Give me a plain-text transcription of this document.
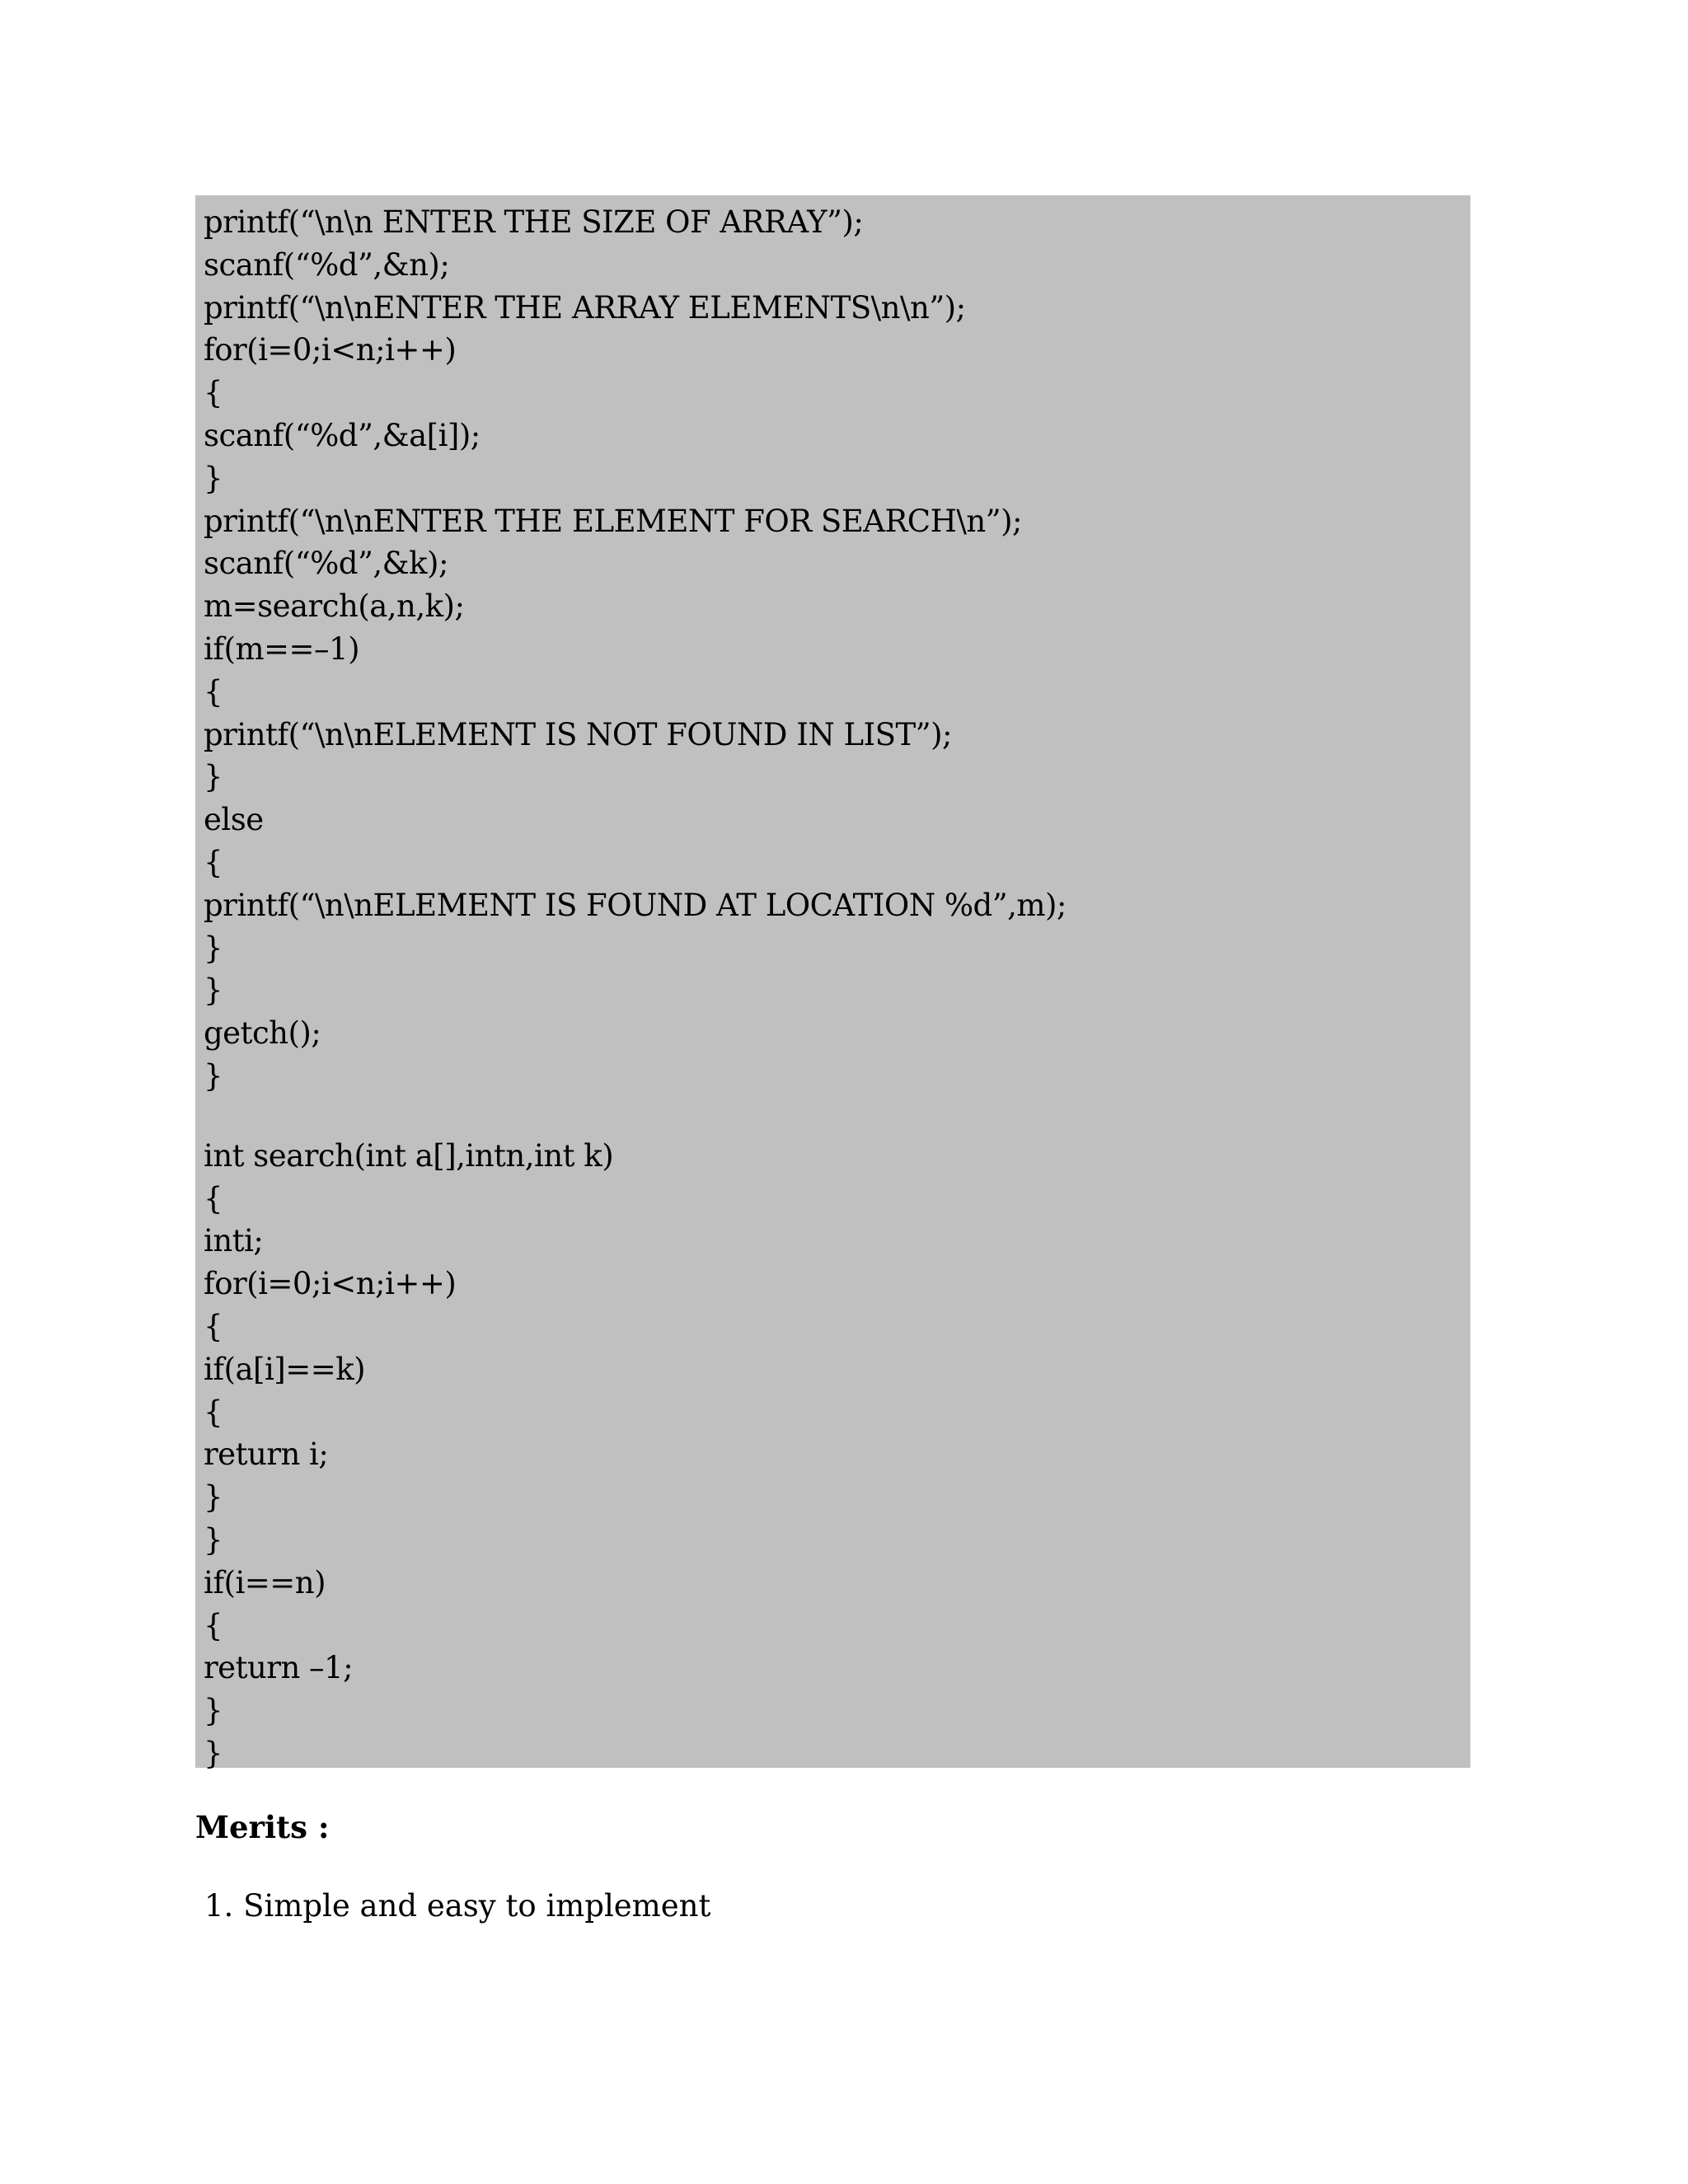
printf(“\n\n ENTER THE SIZE OF ARRAY”);
scanf(“%d”,&n);
printf(“\n\nENTER THE ARRAY ELEMENTS\n\n”);
for(i=0;i<n;i++)
{
scanf(“%d”,&a[i]);
}
printf(“\n\nENTER THE ELEMENT FOR SEARCH\n”);
scanf(“%d”,&k);
m=search(a,n,k);
if(m==–1)
{
printf(“\n\nELEMENT IS NOT FOUND IN LIST”);
}
else
{
printf(“\n\nELEMENT IS FOUND AT LOCATION %d”,m);
}
}
getch();
}
int search(int a[],intn,int k)
{
inti;
for(i=0;i<n;i++)
{
if(a[i]==k)
{
return i;
}
}
if(i==n)
{
return –1;
}
}
Merits :
1. Simple and easy to implement
